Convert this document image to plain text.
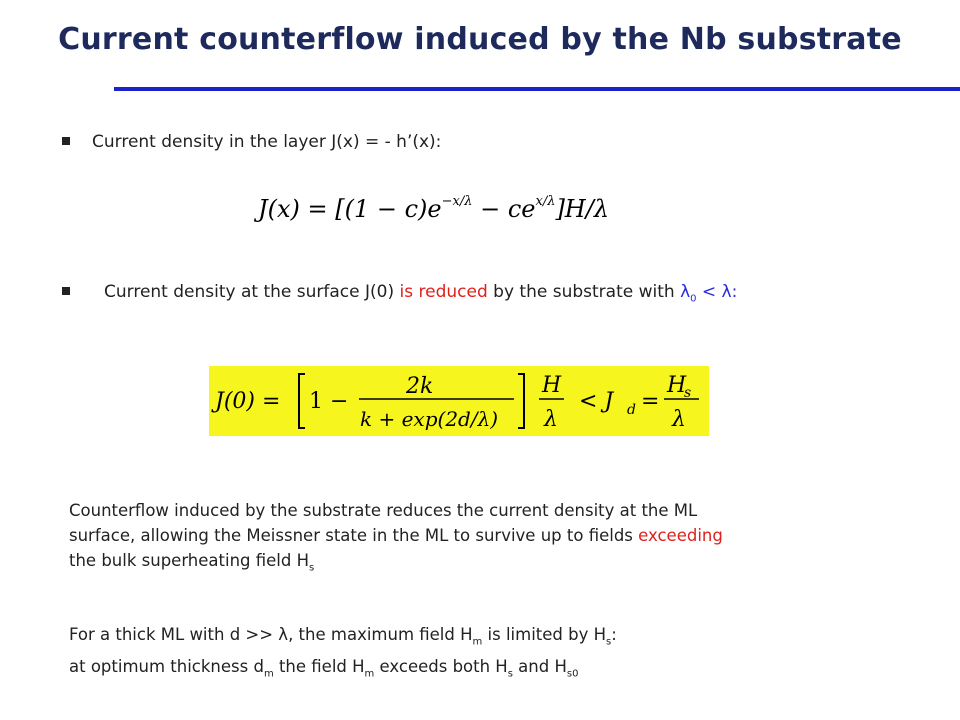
Current counterflow induced by the Nb substrate
Current density in the layer J(x) = - h’(x):
$J(x) = [(1 - c)e^{-x/\lambda} - ce^{x/\lambda}]H/\lambda$
Current density at the surface J(0) is reduced by the substrate with $\lambda_0 < \lambda$:
J(0) = 1 −
2k
k + exp(2d/λ)
H
λ
< J d =
H
s
λ
Counterflow induced by the substrate reduces the current density at the ML
surface, allowing the Meissner state in the ML to survive up to fields exceeding
the bulk superheating field $H_s$
For a thick ML with d >> λ, the maximum field $H_m$ is limited by $H_s$:
at optimum thickness $d_m$ the field $H_m$ exceeds both $H_s$ and $H_{s0}$
